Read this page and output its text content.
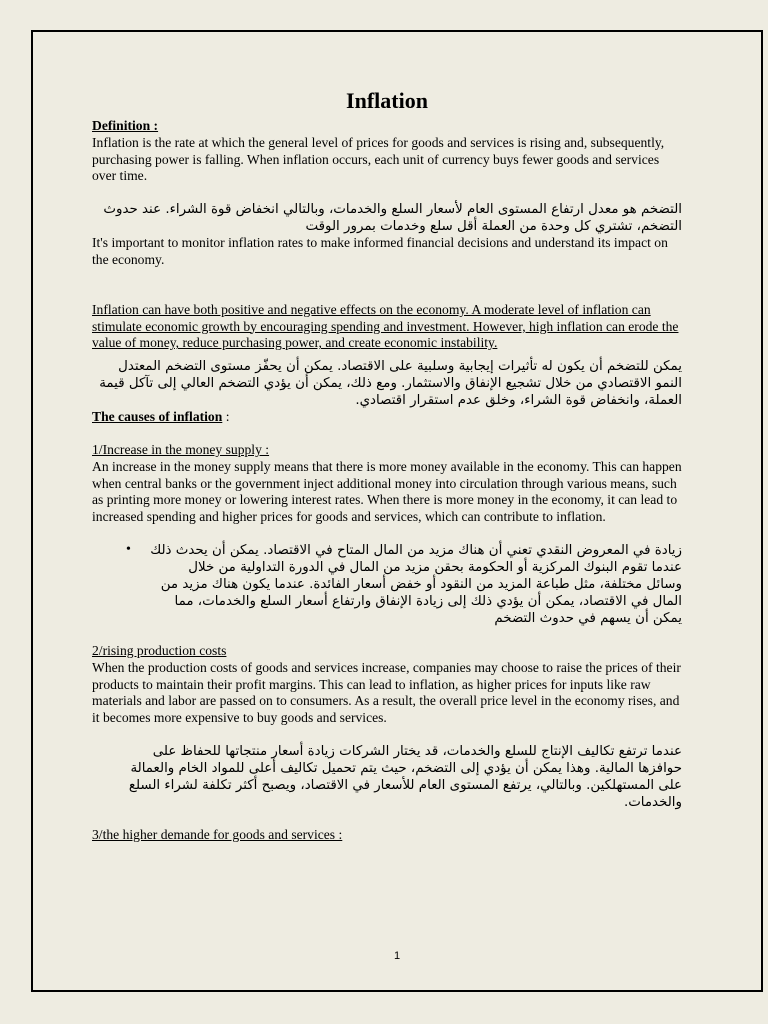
Inflation

Definition :

Inflation is the rate at which the general level of prices for goods and services is rising and, subsequently, purchasing power is falling. When inflation occurs, each unit of currency buys fewer goods and services over time.

التضخم هو معدل ارتفاع المستوى العام لأسعار السلع والخدمات، وبالتالي انخفاض قوة الشراء. عند حدوث التضخم، تشتري كل وحدة من العملة أقل سلع وخدمات بمرور الوقت

It's important to monitor inflation rates to make informed financial decisions and understand its impact on the economy.

Inflation can have both positive and negative effects on the economy. A moderate level of inflation can stimulate economic growth by encouraging spending and investment. However, high inflation can erode the value of money, reduce purchasing power, and create economic instability.

يمكن للتضخم أن يكون له تأثيرات إيجابية وسلبية على الاقتصاد. يمكن أن يحفّز مستوى التضخم المعتدل النمو الاقتصادي من خلال تشجيع الإنفاق والاستثمار. ومع ذلك، يمكن أن يؤدي التضخم العالي إلى تآكل قيمة العملة، وانخفاض قوة الشراء، وخلق عدم استقرار اقتصادي.

The causes of inflation :

1/Increase in the money supply :

An increase in the money supply means that there is more money available in the economy. This can happen when central banks or the government inject additional money into circulation through various means, such as printing more money or lowering interest rates. When there is more money in the economy, it can lead to increased spending and higher prices for goods and services, which can contribute to inflation.

• زيادة في المعروض النقدي تعني أن هناك مزيد من المال المتاح في الاقتصاد. يمكن أن يحدث ذلك عندما تقوم البنوك المركزية أو الحكومة بحقن مزيد من المال في الدورة التداولية من خلال وسائل مختلفة، مثل طباعة المزيد من النقود أو خفض أسعار الفائدة. عندما يكون هناك مزيد من المال في الاقتصاد، يمكن أن يؤدي ذلك إلى زيادة الإنفاق وارتفاع أسعار السلع والخدمات، مما يمكن أن يسهم في حدوث التضخم

2/rising production costs

When the production costs of goods and services increase, companies may choose to raise the prices of their products to maintain their profit margins. This can lead to inflation, as higher prices for inputs like raw materials and labor are passed on to consumers. As a result, the overall price level in the economy rises, and it becomes more expensive to buy goods and services.

عندما ترتفع تكاليف الإنتاج للسلع والخدمات، قد يختار الشركات زيادة أسعار منتجاتها للحفاظ على حوافزها المالية. وهذا يمكن أن يؤدي إلى التضخم، حيث يتم تحميل تكاليف أعلى للمواد الخام والعمالة على المستهلكين. وبالتالي، يرتفع المستوى العام للأسعار في الاقتصاد، ويصبح أكثر تكلفة لشراء السلع والخدمات.

3/the higher demande for goods and services :

1
